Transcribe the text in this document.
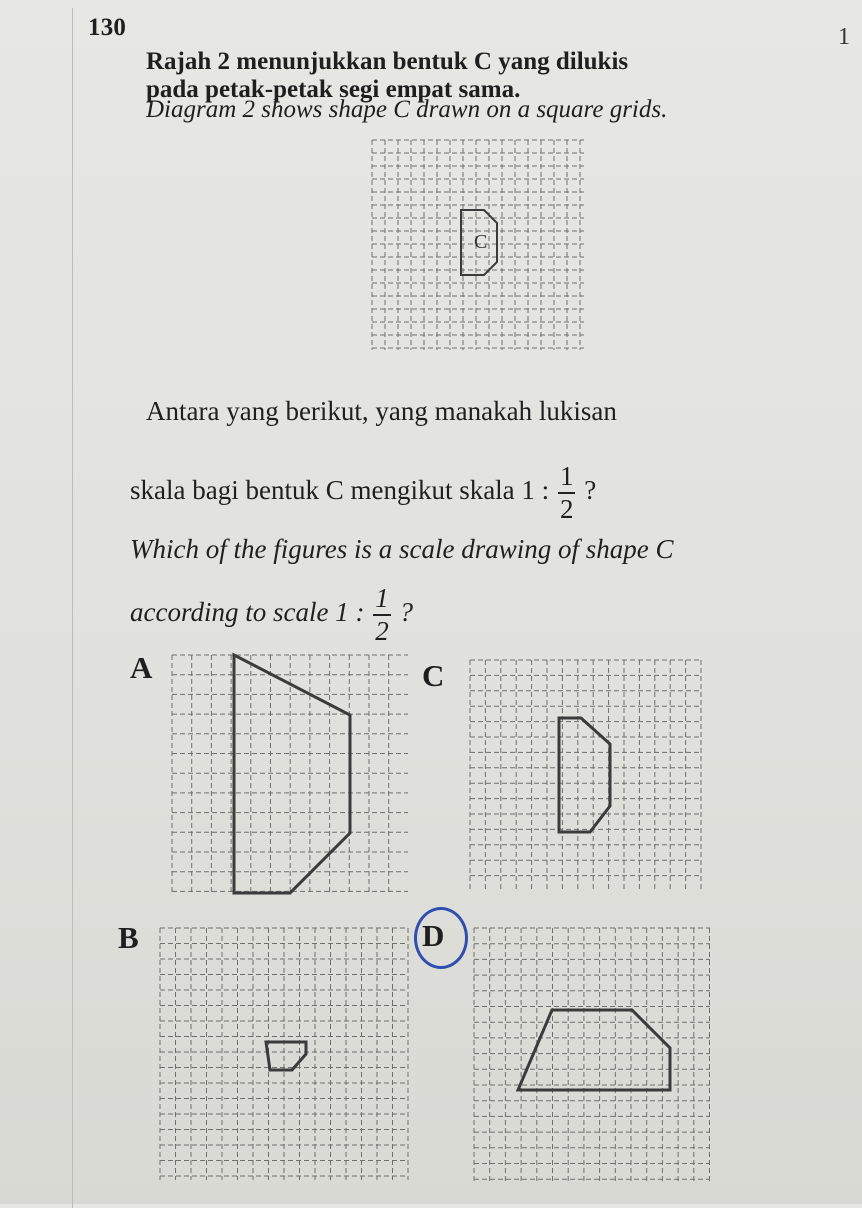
130	1
Rajah 2 menunjukkan bentuk C yang dilukis
pada petak-petak segi empat sama.
Diagram 2 shows shape C drawn on a square grids.
C
Antara yang berikut, yang manakah lukisan
skala bagi bentuk C mengikut skala 1 : $\frac{1}{2}$ ?
Which of the figures is a scale drawing of shape C
according to scale 1 : $\frac{1}{2}$ ?
A
B
C
D
